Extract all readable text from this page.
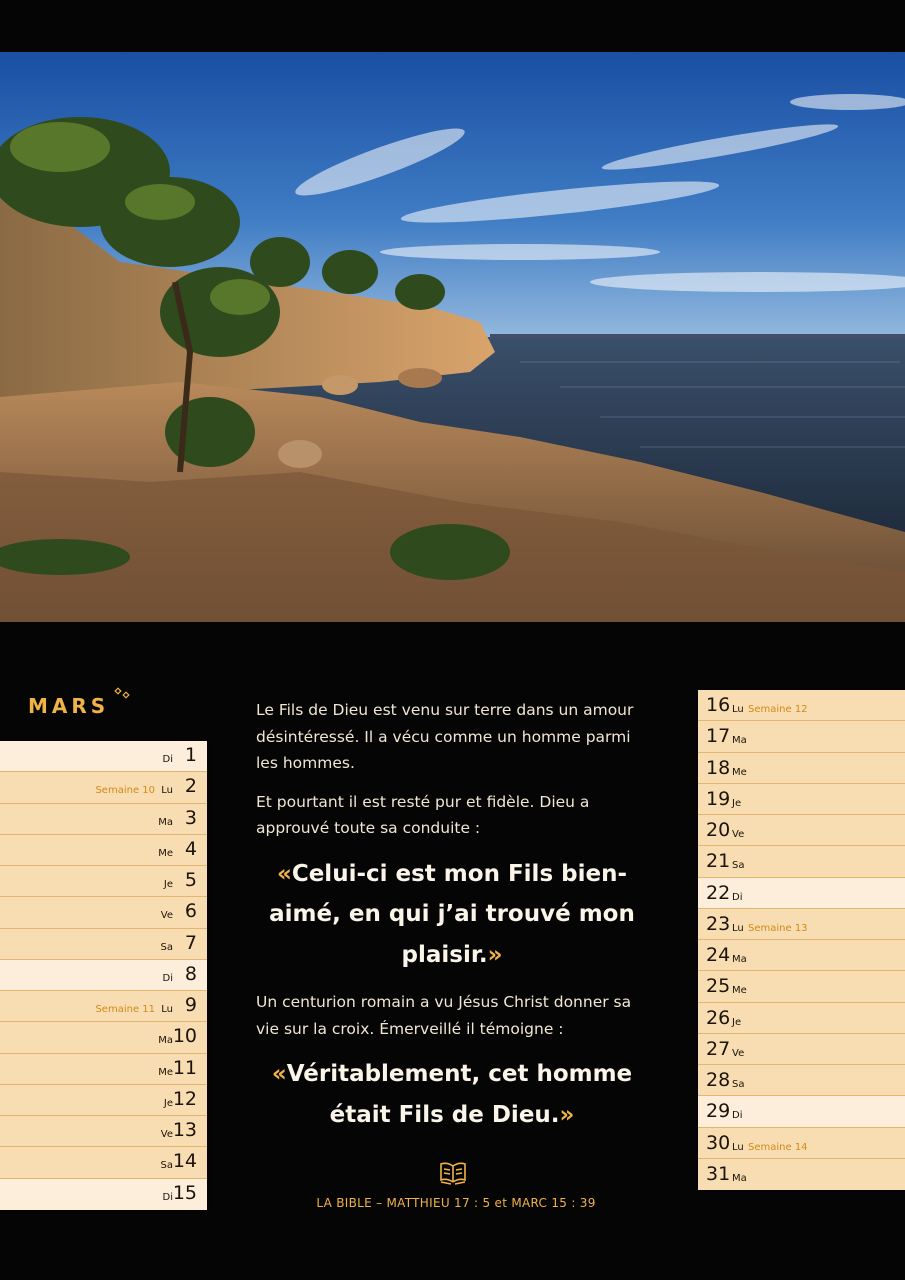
MARS
Di 1
Semaine 10 Lu 2
Ma 3
Me 4
Je 5
Ve 6
Sa 7
Di 8
Semaine 11 Lu 9
Ma 10
Me 11
Je 12
Ve 13
Sa 14
Di 15
Semaine 12
Lu
16
Ma
17
Me
18
Je
19
Ve
20
Sa
21
Di
22
Semaine 13
Lu
23
Ma
24
Me
25
Je
26
Ve
27
Sa
28
Di
29
Semaine 14
Lu
30
Ma
31

Le Fils de Dieu est venu sur terre dans un amour désintéressé. Il a vécu comme un homme parmi les hommes.

Et pourtant il est resté pur et fidèle. Dieu a approuvé toute sa conduite :

«Celui-ci est mon Fils bien-aimé, en qui j’ai trouvé mon plaisir.»

Un centurion romain a vu Jésus Christ donner sa vie sur la croix. Émerveillé il témoigne :

«Véritablement, cet homme était Fils de Dieu.»
LA BIBLE – MATTHIEU 17 : 5 et MARC 15 : 39
